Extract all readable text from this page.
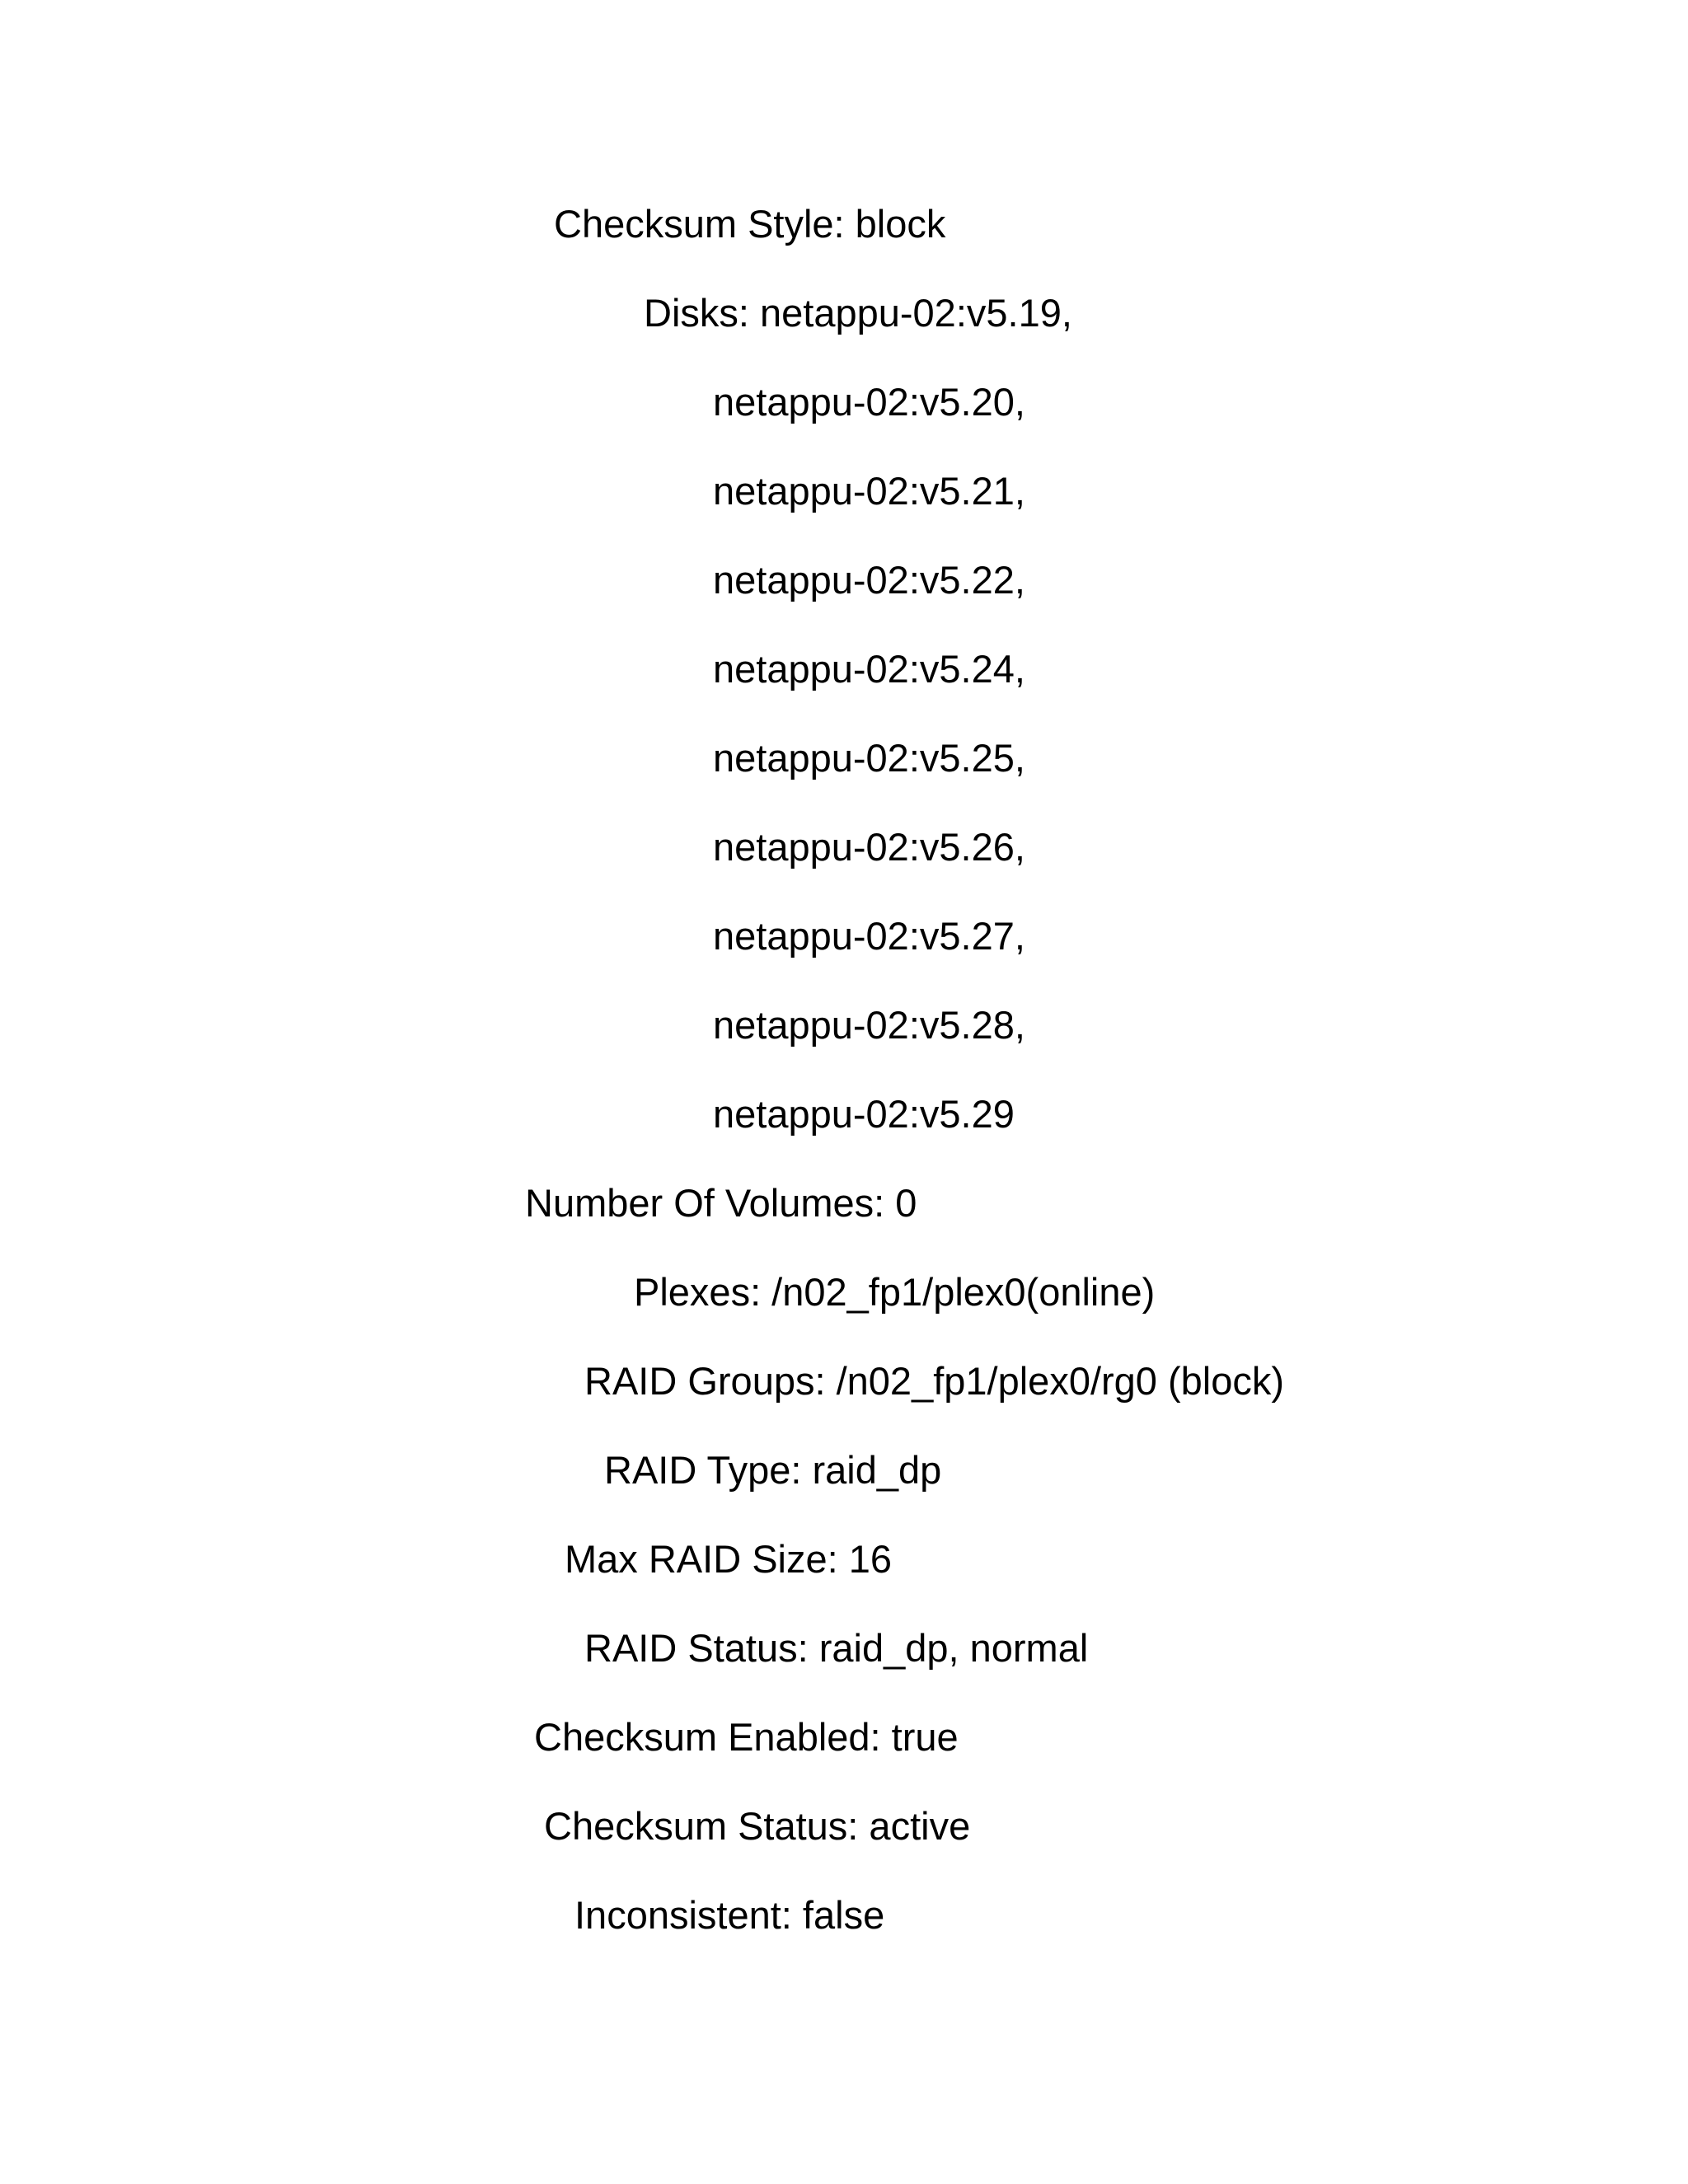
Checksum Style: block
Disks: netappu-02:v5.19,
netappu-02:v5.20,
netappu-02:v5.21,
netappu-02:v5.22,
netappu-02:v5.24,
netappu-02:v5.25,
netappu-02:v5.26,
netappu-02:v5.27,
netappu-02:v5.28,
netappu-02:v5.29
Number Of Volumes: 0
Plexes: /n02_fp1/plex0(online)
RAID Groups: /n02_fp1/plex0/rg0 (block)
RAID Type: raid_dp
Max RAID Size: 16
RAID Status: raid_dp, normal
Checksum Enabled: true
Checksum Status: active
Inconsistent: false
